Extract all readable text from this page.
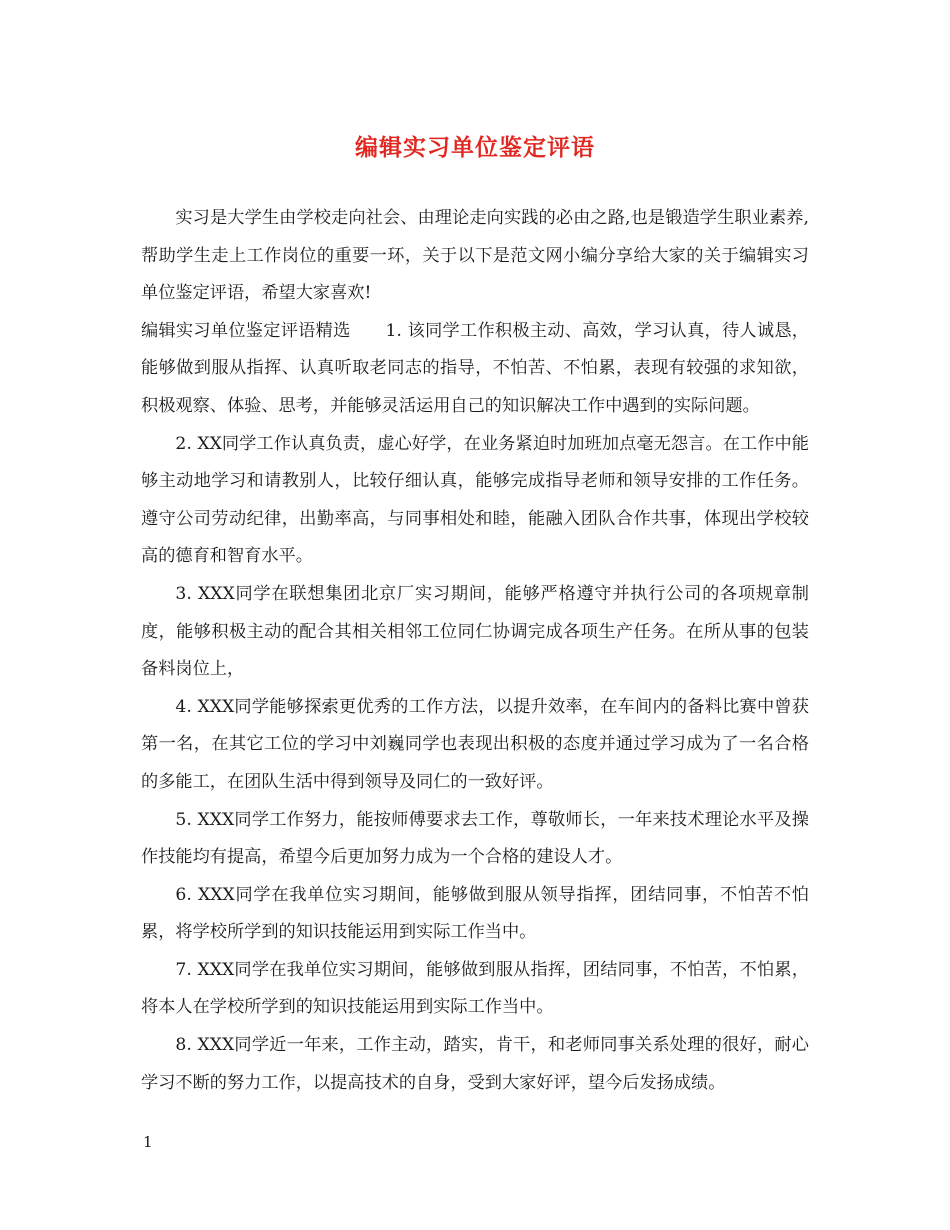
编辑实习单位鉴定评语

实习是大学生由学校走向社会、由理论走向实践的必由之路,也是锻造学生职业素养,帮助学生走上工作岗位的重要一环，关于以下是范文网小编分享给大家的关于编辑实习单位鉴定评语，希望大家喜欢!

编辑实习单位鉴定评语精选　　1. 该同学工作积极主动、高效，学习认真，待人诚恳，能够做到服从指挥、认真听取老同志的指导，不怕苦、不怕累，表现有较强的求知欲，积极观察、体验、思考，并能够灵活运用自己的知识解决工作中遇到的实际问题。

2. XX同学工作认真负责，虚心好学，在业务紧迫时加班加点毫无怨言。在工作中能够主动地学习和请教别人，比较仔细认真，能够完成指导老师和领导安排的工作任务。遵守公司劳动纪律，出勤率高，与同事相处和睦，能融入团队合作共事，体现出学校较高的德育和智育水平。

3. XXX同学在联想集团北京厂实习期间，能够严格遵守并执行公司的各项规章制度，能够积极主动的配合其相关相邻工位同仁协调完成各项生产任务。在所从事的包装备料岗位上，

4. XXX同学能够探索更优秀的工作方法，以提升效率，在车间内的备料比赛中曾获第一名，在其它工位的学习中刘巍同学也表现出积极的态度并通过学习成为了一名合格的多能工，在团队生活中得到领导及同仁的一致好评。

5. XXX同学工作努力，能按师傅要求去工作，尊敬师长，一年来技术理论水平及操作技能均有提高，希望今后更加努力成为一个合格的建设人才。

6. XXX同学在我单位实习期间，能够做到服从领导指挥，团结同事，不怕苦不怕累，将学校所学到的知识技能运用到实际工作当中。

7. XXX同学在我单位实习期间，能够做到服从指挥，团结同事，不怕苦，不怕累，将本人在学校所学到的知识技能运用到实际工作当中。

8. XXX同学近一年来，工作主动，踏实，肯干，和老师同事关系处理的很好，耐心学习不断的努力工作，以提高技术的自身，受到大家好评，望今后发扬成绩。

1
